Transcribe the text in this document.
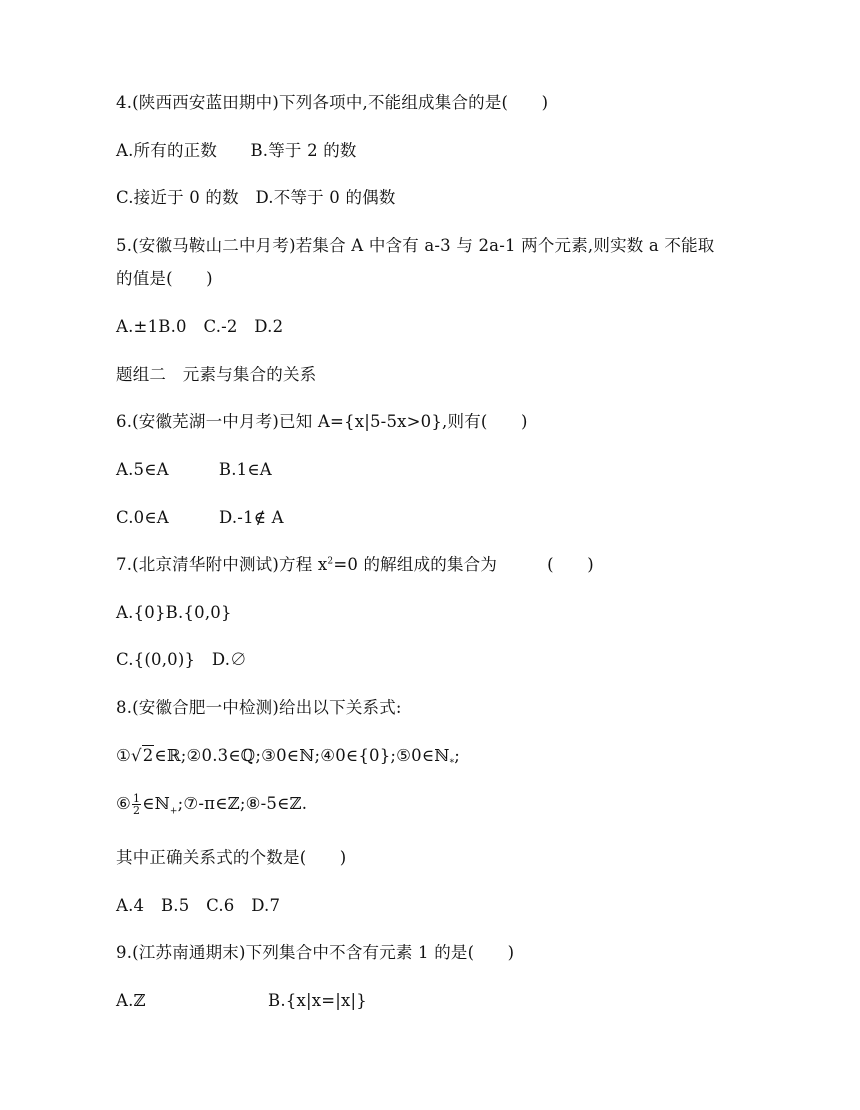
4.(陕西西安蓝田期中)下列各项中,不能组成集合的是(　　)
A.所有的正数　　B.等于 2 的数
C.接近于 0 的数　D.不等于 0 的偶数
5.(安徽马鞍山二中月考)若集合 A 中含有 a-3 与 2a-1 两个元素,则实数 a 不能取
的值是(　　)
A.±1B.0　C.-2　D.2
题组二　元素与集合的关系
6.(安徽芜湖一中月考)已知 A={x|5-5x>0},则有(　　)
A.5∈A　　　B.1∈A
C.0∈A　　　D.-1∉ A
7.(北京清华附中测试)方程 $x^2=0$ 的解组成的集合为　　　(　　)
A.{0}B.{0,0}
C.{(0,0)}　D.∅
8.(安徽合肥一中检测)给出以下关系式:
①√2∈ℝ;②0.3∈ℚ;③0∈ℕ;④0∈{0};⑤0∈ℕ$_*$;
⑥ $\frac{1}{2}$ ∈ℕ$_+$;⑦-π∈ℤ;⑧-5∈ℤ.
其中正确关系式的个数是(　　)
A.4　B.5　C.6　D.7
9.(江苏南通期末)下列集合中不含有元素 1 的是(　　)
A.ℤ	B.{x|x=|x|}
